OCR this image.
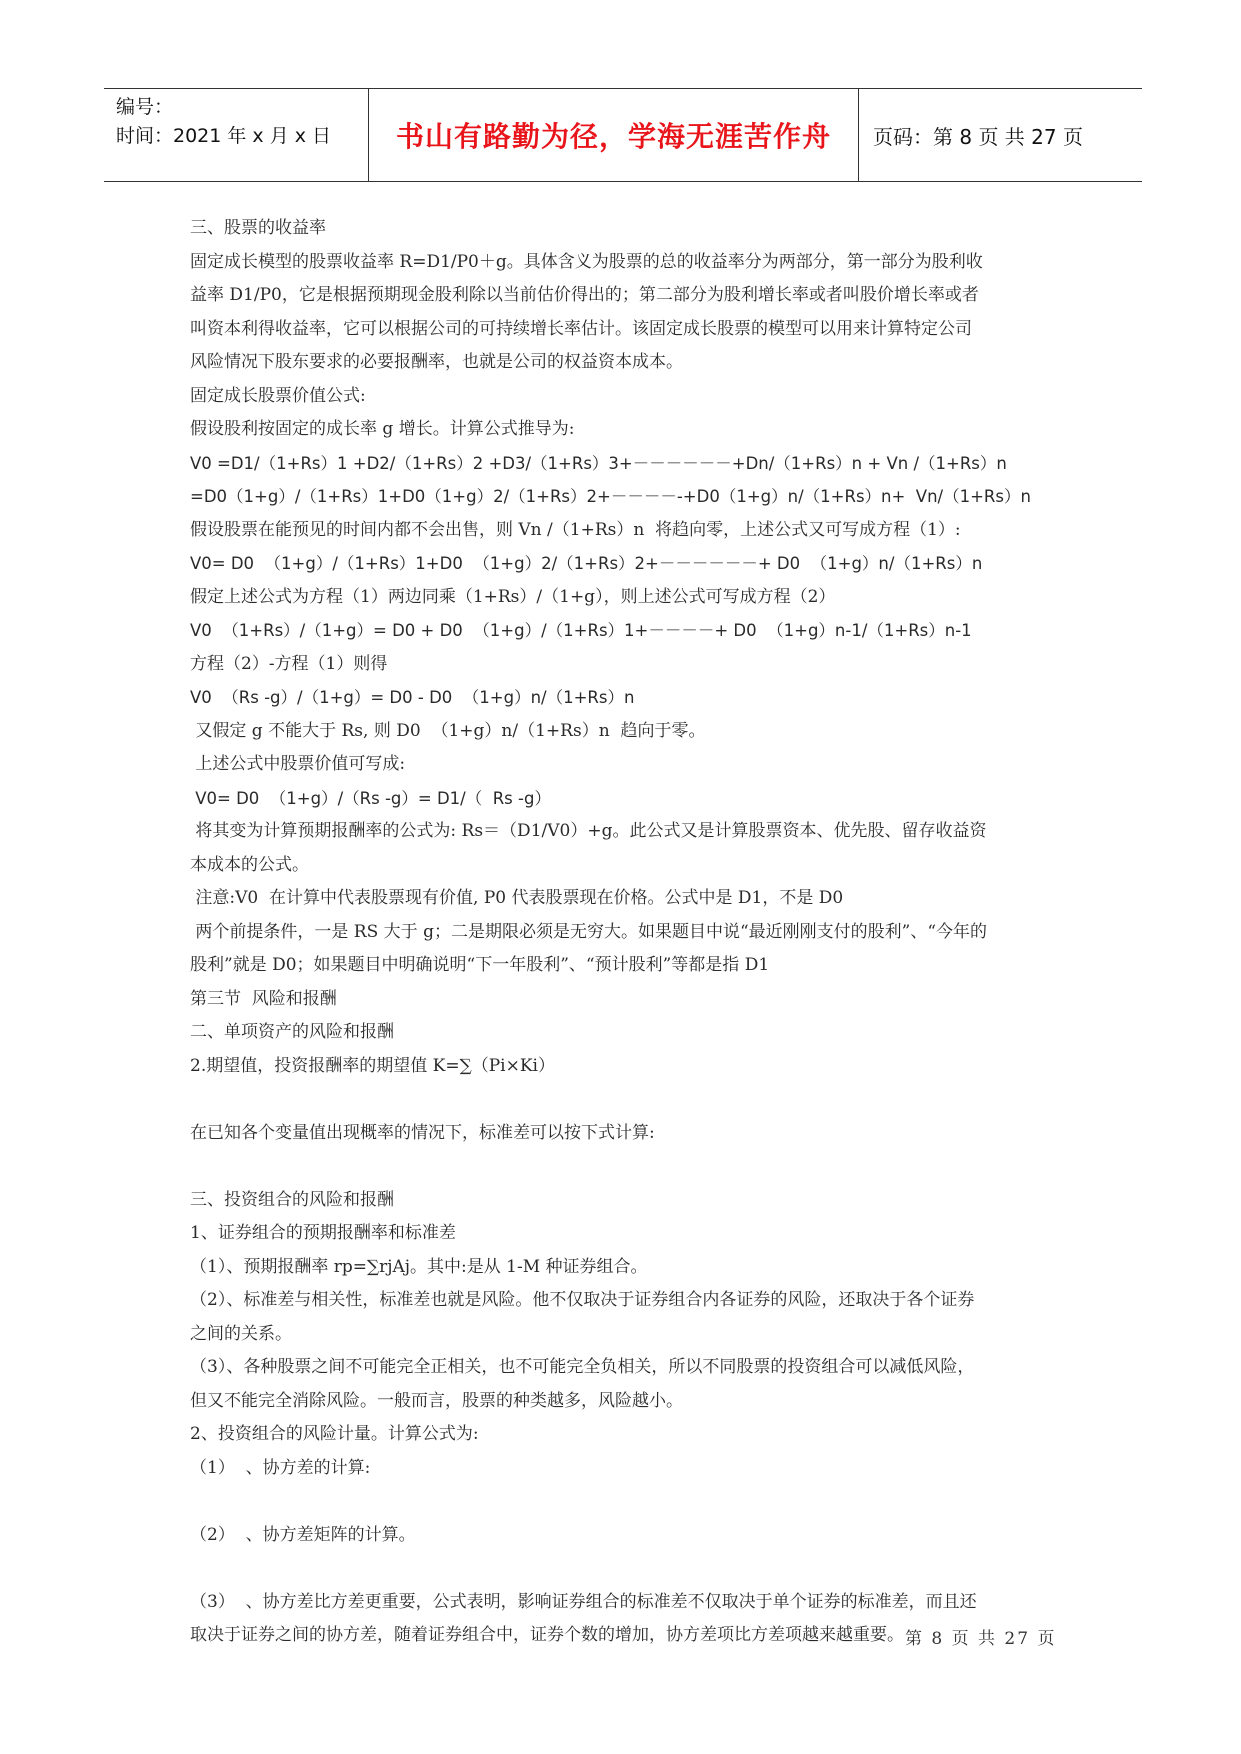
编号：
时间：2021 年 x 月 x 日	书山有路勤为径，学海无涯苦作舟	页码：第 8 页 共 27 页

三、股票的收益率

固定成长模型的股票收益率 R=D1/P0＋g。具体含义为股票的总的收益率分为两部分，第一部分为股利收

益率 D1/P0，它是根据预期现金股利除以当前估价得出的；第二部分为股利增长率或者叫股价增长率或者

叫资本利得收益率，它可以根据公司的可持续增长率估计。该固定成长股票的模型可以用来计算特定公司

风险情况下股东要求的必要报酬率，也就是公司的权益资本成本。

固定成长股票价值公式:

假设股利按固定的成长率 g 增长。计算公式推导为:

V0 =D1/（1+Rs）1 +D2/（1+Rs）2 +D3/（1+Rs）3+－－－－－－+Dn/（1+Rs）n + Vn /（1+Rs）n

=D0（1+g）/（1+Rs）1+D0（1+g）2/（1+Rs）2+－－－－-+D0（1+g）n/（1+Rs）n+  Vn/（1+Rs）n

假设股票在能预见的时间内都不会出售，则 Vn /（1+Rs）n  将趋向零，上述公式又可写成方程（1）:

V0= D0  （1+g）/（1+Rs）1+D0  （1+g）2/（1+Rs）2+－－－－－－+ D0  （1+g）n/（1+Rs）n

假定上述公式为方程（1）两边同乘（1+Rs）/（1+g），则上述公式可写成方程（2）

V0  （1+Rs）/（1+g）= D0 + D0  （1+g）/（1+Rs）1+－－－－+ D0  （1+g）n-1/（1+Rs）n-1

方程（2）-方程（1）则得

V0  （Rs -g）/（1+g）= D0 - D0  （1+g）n/（1+Rs）n

又假定 g 不能大于 Rs, 则 D0  （1+g）n/（1+Rs）n  趋向于零。

上述公式中股票价值可写成:

V0= D0  （1+g）/（Rs -g）= D1/（  Rs -g）

将其变为计算预期报酬率的公式为: Rs＝（D1/V0）+g。此公式又是计算股票资本、优先股、留存收益资

本成本的公式。

注意:V0  在计算中代表股票现有价值, P0 代表股票现在价格。公式中是 D1，不是 D0

两个前提条件，一是 RS 大于 g；二是期限必须是无穷大。如果题目中说“最近刚刚支付的股利”、“今年的

股利”就是 D0；如果题目中明确说明“下一年股利”、“预计股利”等都是指 D1

第三节  风险和报酬

二、单项资产的风险和报酬

2.期望值，投资报酬率的期望值 K=∑（Pi×Ki）

在已知各个变量值出现概率的情况下，标准差可以按下式计算:

三、投资组合的风险和报酬

1、证券组合的预期报酬率和标准差

（1）、预期报酬率 rp=∑rjAj。其中:是从 1-M 种证券组合。

（2）、标准差与相关性，标准差也就是风险。他不仅取决于证券组合内各证券的风险，还取决于各个证券

之间的关系。

（3）、各种股票之间不可能完全正相关，也不可能完全负相关，所以不同股票的投资组合可以减低风险，

但又不能完全消除风险。一般而言，股票的种类越多，风险越小。

2、投资组合的风险计量。计算公式为:

（1）  、协方差的计算:

（2）  、协方差矩阵的计算。

（3）  、协方差比方差更重要，公式表明，影响证券组合的标准差不仅取决于单个证券的标准差，而且还

取决于证券之间的协方差，随着证券组合中，证券个数的增加，协方差项比方差项越来越重要。 第 8 页 共 27 页
